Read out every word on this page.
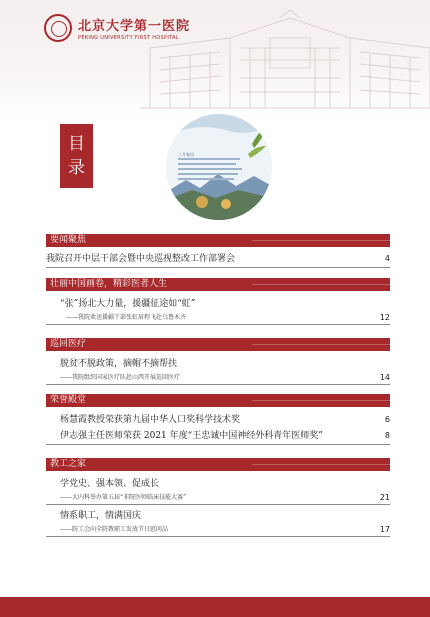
北京大学第一医院
PEKING UNIVERSITY FIRST HOSPITAL
目
录
三月春讯
要闻聚焦
我院召开中层干部会暨中央巡视整改工作部署会	4
壮丽中国画卷，精彩医者人生
“张”扬北大力量，援疆征途如“虹”
——我院欢送援疆干部张虹眉程飞赴乌鲁木齐	12
巡回医疗
脱贫不脱政策，摘帽不摘帮扶
——我院组织国家医疗队赴山西开展巡回医疗	14
荣誉殿堂
杨慧霞教授荣获第九届中华人口奖科学技术奖	6
伊志强主任医师荣获 2021 年度“王忠诚中国神经外科青年医师奖”	8
教工之家
学党史、强本领、促成长
——大内科举办第五届“非院医师临床技能大赛”	21
情系职工，情满国庆
——院工会向全院教职工发放节日慰问品	17
